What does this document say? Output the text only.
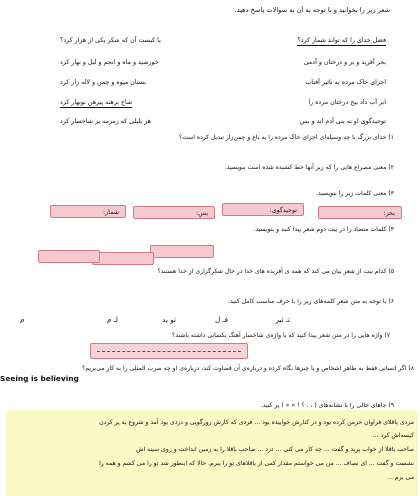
شعر زیر را بخوانید و با توجه به آن به سوالات پاسخ دهید.
فضل خدای را که تواند شمار کرد؟
یا کیست آن که شکر یکی از هزار کرد؟
بحر آفرید و بر و درختان و آدمی
خورشید و ماه و انجم و لیل و نهار کرد
اجزای خاک مرده به تاثیر آفتاب
بستان میوه و چمن و لاله زار کرد
ابر آب داد بیخ درختان مرده را
شاخ برهنه پیرهن نوبهار کرد
توحیدگوی او نه بنی آدم اند و بس
هر بلبلی که زمزمه بر شاخسار کرد
۱) خدای بزرگ با چه وسیله‌ای اجزای خاک مرده را به باغ و چمن‌زار تبدیل کرده است؟
۲) معنی مصراع هایی را که زیر آنها خط کشیده شده است بنویسید.
۳) معنی کلمات زیر را بنویسید.
بحر:
توحیدگوی:
بس:
شمار:
۴) کلمات متضاد را در بیت دوم شعر پیدا کنید و بنویسید.
۵) کدام بیت از شعر بیان می کند که همه ی آفریده های خدا در حال شکرگزاری از خدا هستند؟
۶) با توجه به متن شعر کلمه‌های زیر را با حرف مناسب کامل کنید.
تـ ثیر
فـ ل
تو ید
لـ م
م
۷) واژه هایی را در متن شعر پیدا کنید که با واژه‌ی شاخسار آهنگ یکسانی داشته باشند؟
۸) اگر انسانی فقط به ظاهر اشخاص و یا چیزها نگاه کرده و درباره‌ی آن قضاوت کند، درباره‌ی او چه ضرب المثلی را به کار می‌بریم؟
Seeing is believing
۹) جاهای خالی را با نشانه‌های ( ، . ؟ ! « » ) پر کنید.
مردی باقلای فراوان خرمن کرده بود و در کنارش خوابیده بود ... فردی که کارش زورگویی و دزدی بود آمد و شروع به پر کردن
کیسه‌اش کرد ...
صاحب باقلا از خواب پرید و گفت ... چه کار می کنی ... دزد ... صاحب باقلا را به زمین انداخت و روی سینه اش
نشست و گفت ... ای نصاف ... من می خواستم مقدار کمی از باقلاهای تو را ببرم. حالا که اینطور شد تو را می کشم و همه را
می برم ...
